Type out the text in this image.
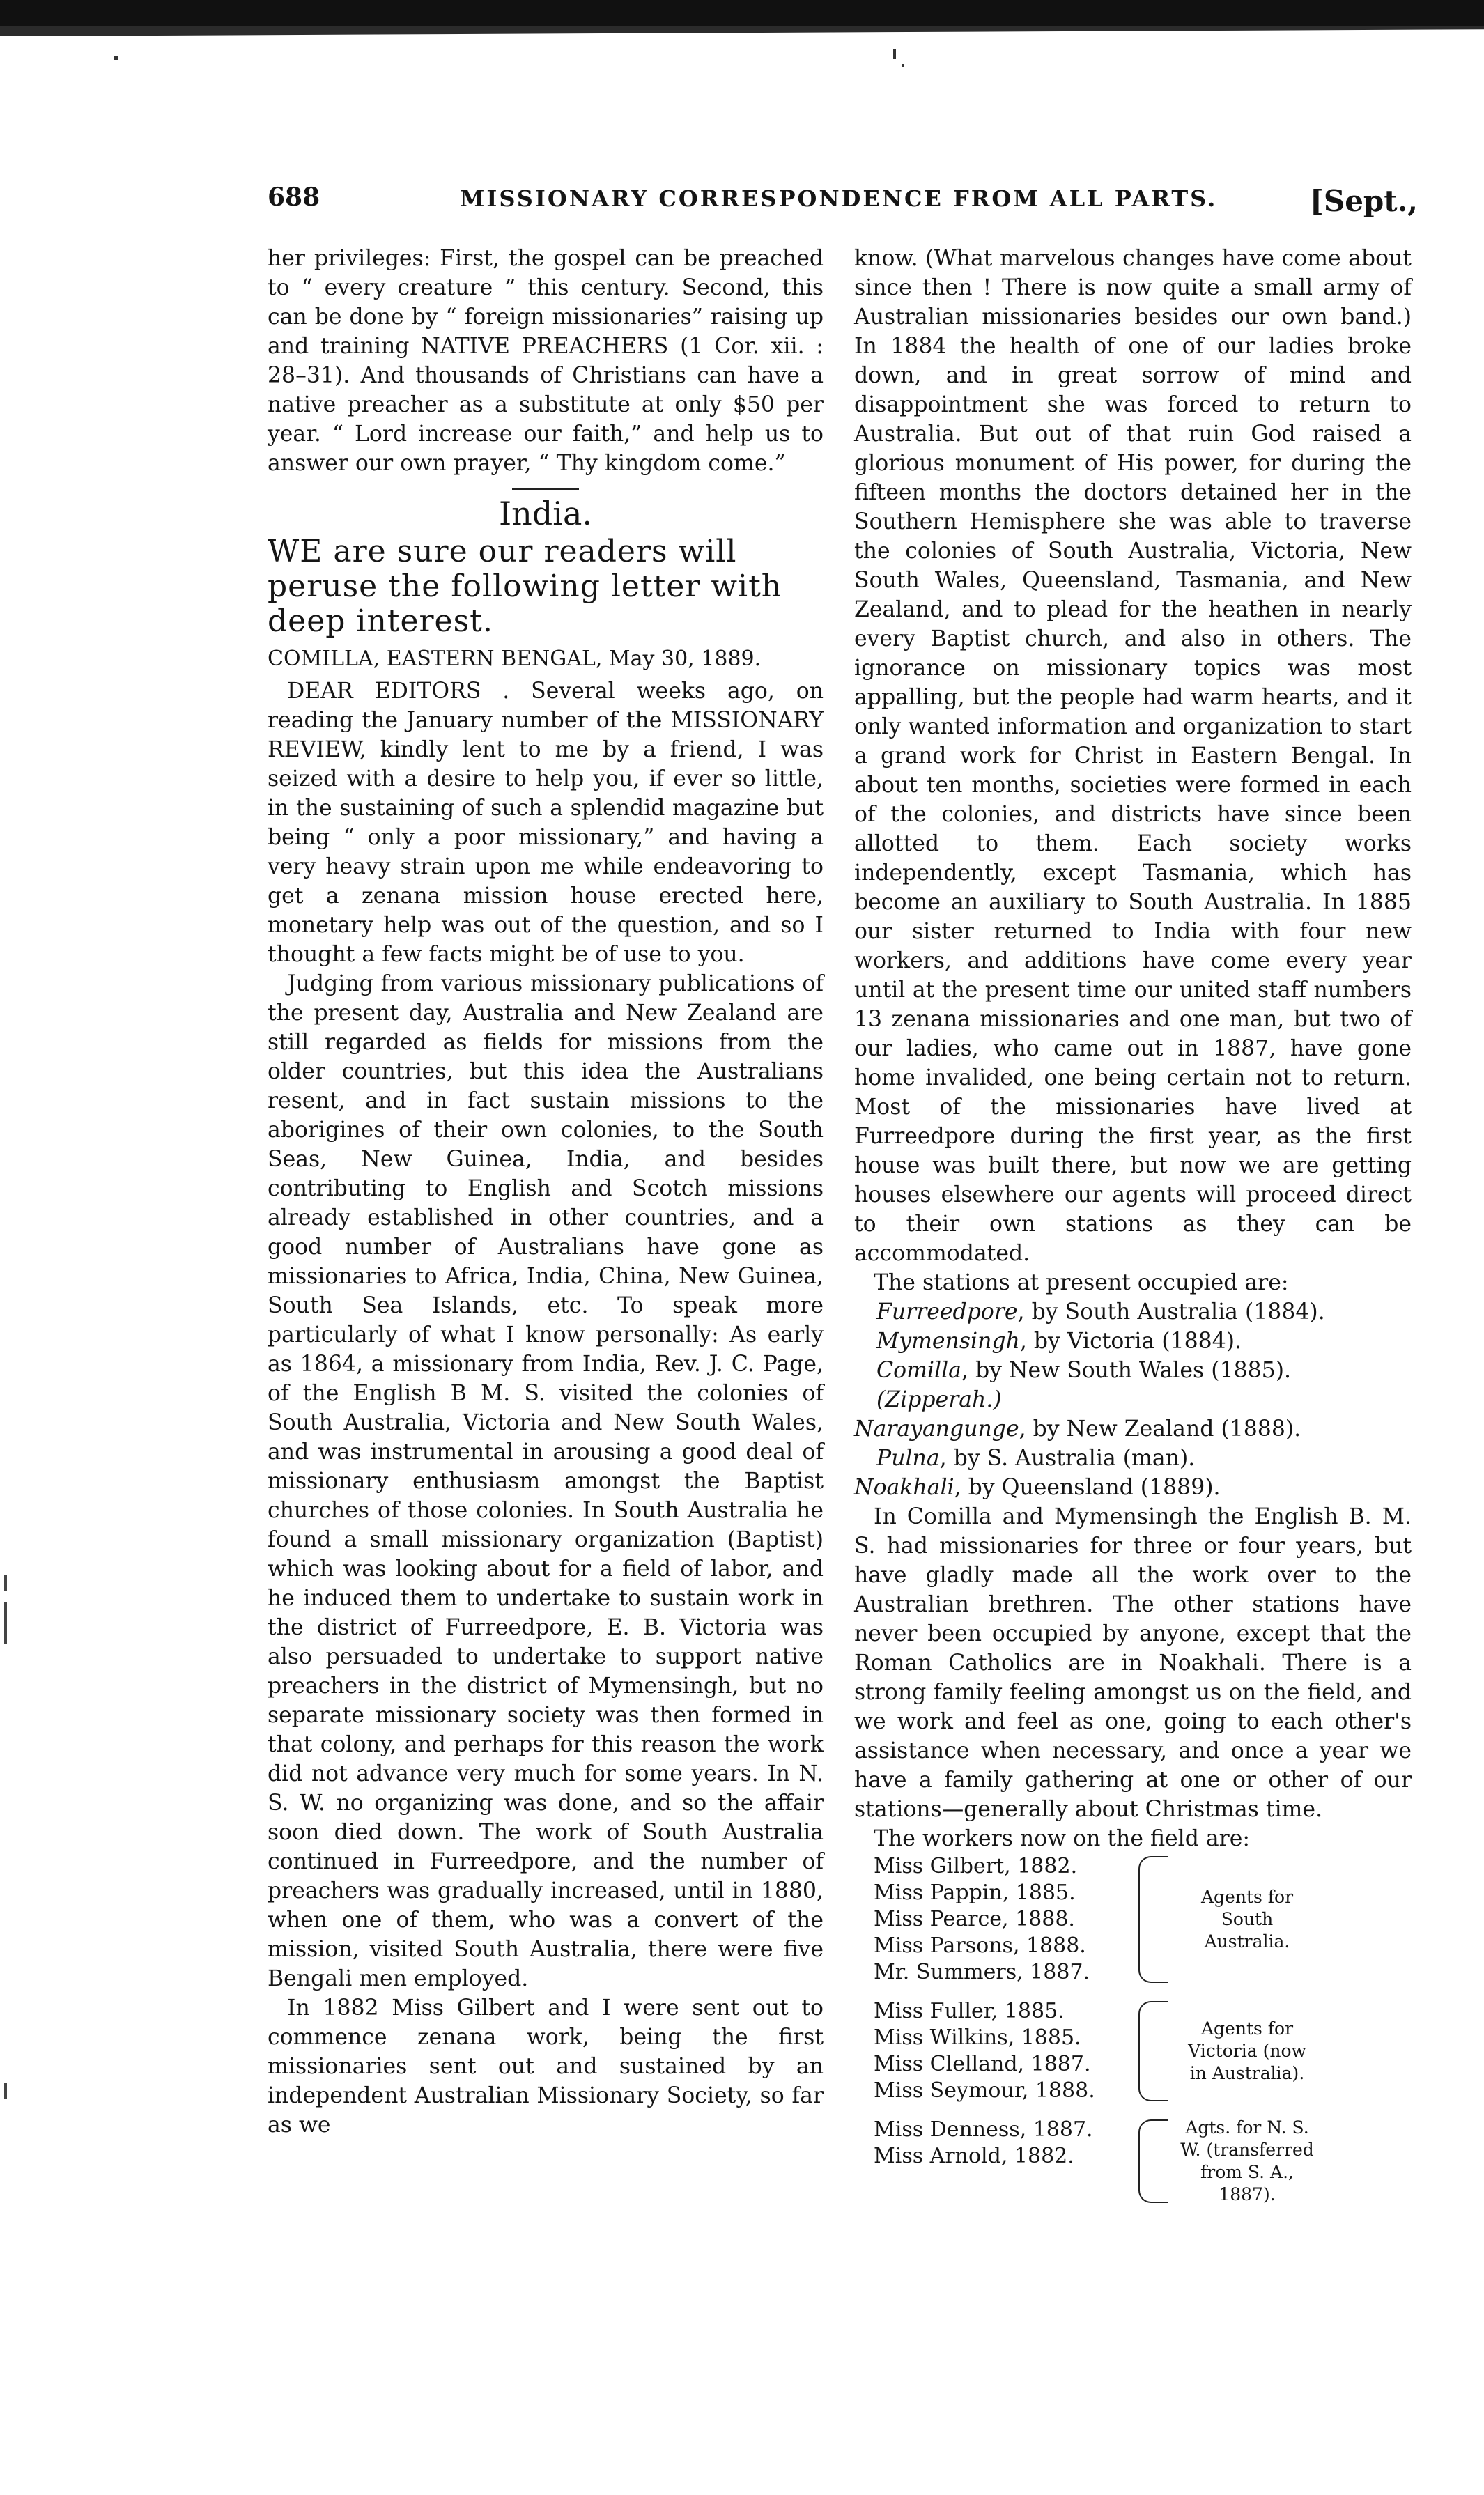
688	MISSIONARY CORRESPONDENCE FROM ALL PARTS.	[Sept.,

her privileges: First, the gospel can be preached to “ every creature ” this century. Second, this can be done by “ foreign missionaries” raising up and training NATIVE PREACHERS (1 Cor. xii. : 28–31). And thousands of Christians can have a native preacher as a substitute at only $50 per year. “ Lord increase our faith,” and help us to answer our own prayer, “ Thy kingdom come.”

India.
WE are sure our readers will peruse the following letter with deep interest.
COMILLA, EASTERN BENGAL, May 30, 1889.

DEAR EDITORS . Several weeks ago, on reading the January number of the MISSIONARY REVIEW, kindly lent to me by a friend, I was seized with a desire to help you, if ever so little, in the sustaining of such a splendid magazine but being “ only a poor missionary,” and having a very heavy strain upon me while endeavoring to get a zenana mission house erected here, monetary help was out of the question, and so I thought a few facts might be of use to you.

Judging from various missionary publications of the present day, Australia and New Zealand are still regarded as fields for missions from the older countries, but this idea the Australians resent, and in fact sustain missions to the aborigines of their own colonies, to the South Seas, New Guinea, India, and besides contributing to English and Scotch missions already established in other countries, and a good number of Australians have gone as missionaries to Africa, India, China, New Guinea, South Sea Islands, etc. To speak more particularly of what I know personally: As early as 1864, a missionary from India, Rev. J. C. Page, of the English B M. S. visited the colonies of South Australia, Victoria and New South Wales, and was instrumental in arousing a good deal of missionary enthusiasm amongst the Baptist churches of those colonies. In South Australia he found a small missionary organization (Baptist) which was looking about for a field of labor, and he induced them to undertake to sustain work in the district of Furreedpore, E. B. Victoria was also persuaded to undertake to support native preachers in the district of Mymensingh, but no separate missionary society was then formed in that colony, and perhaps for this reason the work did not advance very much for some years. In N. S. W. no organizing was done, and so the affair soon died down. The work of South Australia continued in Furreedpore, and the number of preachers was gradually increased, until in 1880, when one of them, who was a convert of the mission, visited South Australia, there were five Bengali men employed.

In 1882 Miss Gilbert and I were sent out to commence zenana work, being the first missionaries sent out and sustained by an independent Australian Missionary Society, so far as we

know. (What marvelous changes have come about since then ! There is now quite a small army of Australian missionaries besides our own band.) In 1884 the health of one of our ladies broke down, and in great sorrow of mind and disappointment she was forced to return to Australia. But out of that ruin God raised a glorious monument of His power, for during the fifteen months the doctors detained her in the Southern Hemisphere she was able to traverse the colonies of South Australia, Victoria, New South Wales, Queensland, Tasmania, and New Zealand, and to plead for the heathen in nearly every Baptist church, and also in others. The ignorance on missionary topics was most appalling, but the people had warm hearts, and it only wanted information and organization to start a grand work for Christ in Eastern Bengal. In about ten months, societies were formed in each of the colonies, and districts have since been allotted to them. Each society works independently, except Tasmania, which has become an auxiliary to South Australia. In 1885 our sister returned to India with four new workers, and additions have come every year until at the present time our united staff numbers 13 zenana missionaries and one man, but two of our ladies, who came out in 1887, have gone home invalided, one being certain not to return. Most of the missionaries have lived at Furreedpore during the first year, as the first house was built there, but now we are getting houses elsewhere our agents will proceed direct to their own stations as they can be accommodated.

The stations at present occupied are:

Furreedpore, by South Australia (1884).
Mymensingh, by Victoria (1884).
Comilla, by New South Wales (1885).
(Zipperah.)
Narayangunge, by New Zealand (1888).
Pulna, by S. Australia (man).
Noakhali, by Queensland (1889).

In Comilla and Mymensingh the English B. M. S. had missionaries for three or four years, but have gladly made all the work over to the Australian brethren. The other stations have never been occupied by anyone, except that the Roman Catholics are in Noakhali. There is a strong family feeling amongst us on the field, and we work and feel as one, going to each other's assistance when necessary, and once a year we have a family gathering at one or other of our stations—generally about Christmas time.

The workers now on the field are:

Miss Gilbert, 1882.
Miss Pappin, 1885.
Miss Pearce, 1888.
Miss Parsons, 1888.
Mr. Summers, 1887.
Agents for South Australia.
Miss Fuller, 1885.
Miss Wilkins, 1885.
Miss Clelland, 1887.
Miss Seymour, 1888.
Agents for Victoria (now in Australia).
Miss Denness, 1887.
Miss Arnold, 1882.
Agts. for N. S. W. (transferred from S. A., 1887).
